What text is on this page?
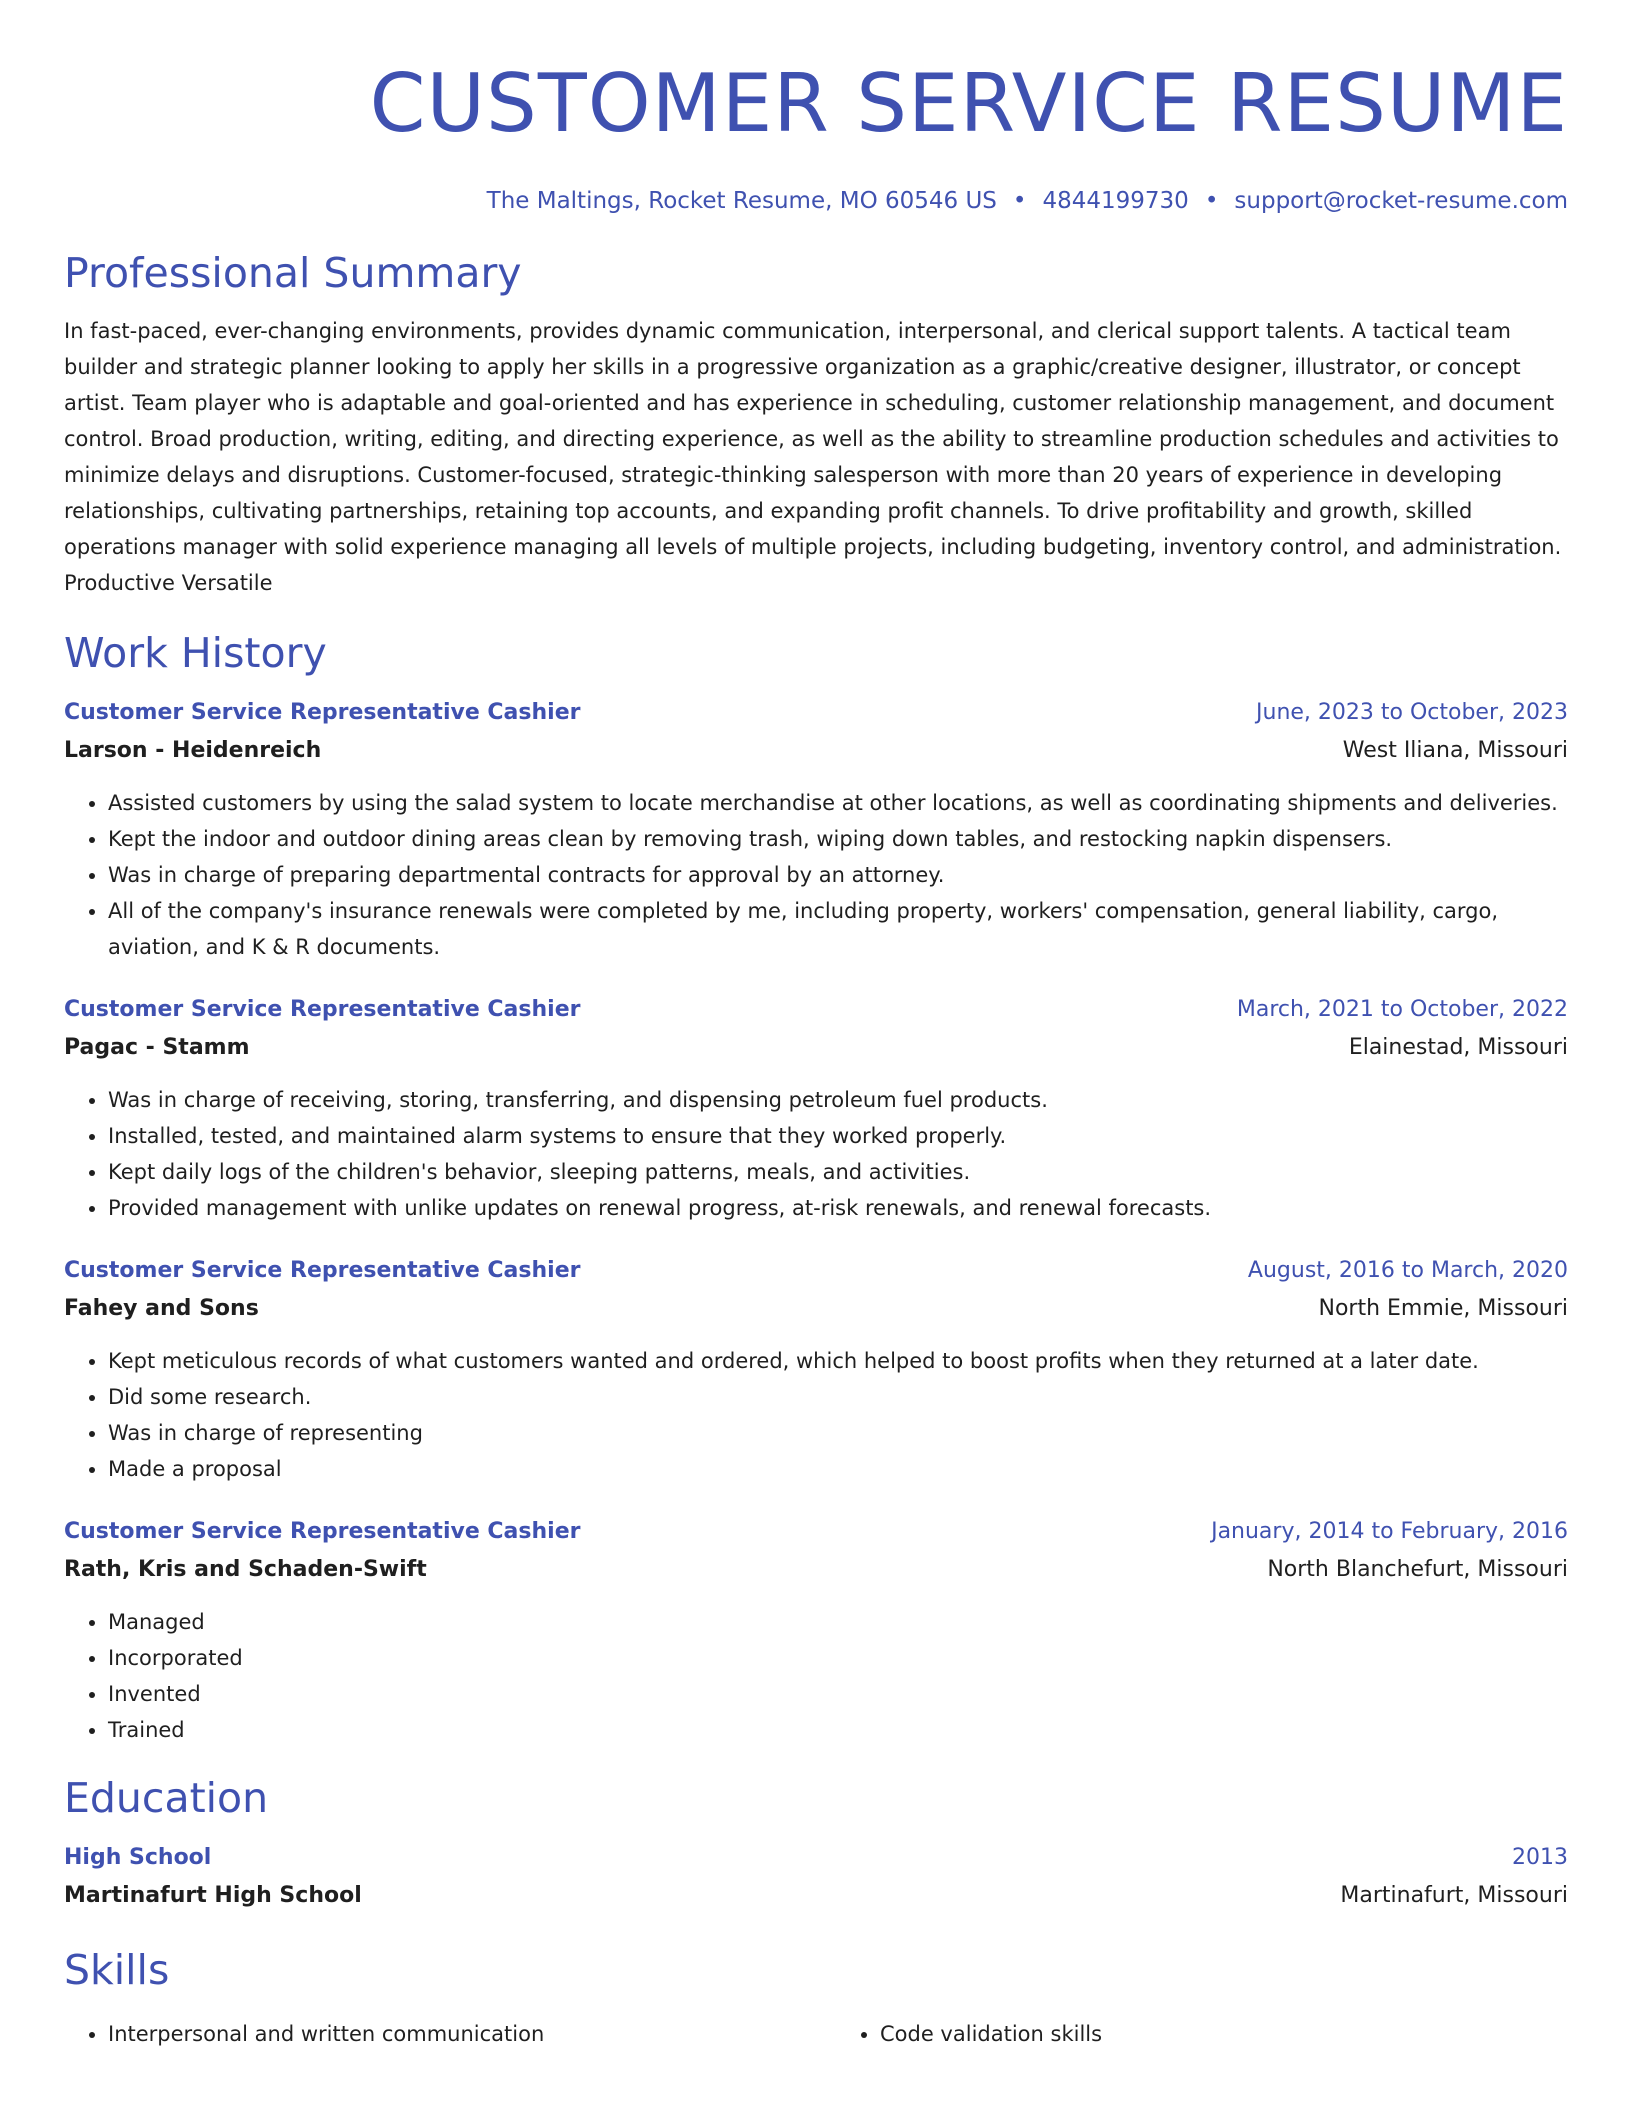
CUSTOMER SERVICE RESUME
The Maltings, Rocket Resume, MO 60546 US • 4844199730 • support@rocket-resume.com
Professional Summary
In fast-paced, ever-changing environments, provides dynamic communication, interpersonal, and clerical support talents. A tactical team builder and strategic planner looking to apply her skills in a progressive organization as a graphic/creative designer, illustrator, or concept artist. Team player who is adaptable and goal-oriented and has experience in scheduling, customer relationship management, and document control. Broad production, writing, editing, and directing experience, as well as the ability to streamline production schedules and activities to minimize delays and disruptions. Customer-focused, strategic-thinking salesperson with more than 20 years of experience in developing relationships, cultivating partnerships, retaining top accounts, and expanding profit channels. To drive profitability and growth, skilled operations manager with solid experience managing all levels of multiple projects, including budgeting, inventory control, and administration. Productive Versatile
Work History
Customer Service Representative Cashier	June, 2023 to October, 2023
Larson - Heidenreich	West Iliana, Missouri
• Assisted customers by using the salad system to locate merchandise at other locations, as well as coordinating shipments and deliveries.
• Kept the indoor and outdoor dining areas clean by removing trash, wiping down tables, and restocking napkin dispensers.
• Was in charge of preparing departmental contracts for approval by an attorney.
• All of the company's insurance renewals were completed by me, including property, workers' compensation, general liability, cargo, aviation, and K & R documents.
Customer Service Representative Cashier	March, 2021 to October, 2022
Pagac - Stamm	Elainestad, Missouri
• Was in charge of receiving, storing, transferring, and dispensing petroleum fuel products.
• Installed, tested, and maintained alarm systems to ensure that they worked properly.
• Kept daily logs of the children's behavior, sleeping patterns, meals, and activities.
• Provided management with unlike updates on renewal progress, at-risk renewals, and renewal forecasts.
Customer Service Representative Cashier	August, 2016 to March, 2020
Fahey and Sons	North Emmie, Missouri
• Kept meticulous records of what customers wanted and ordered, which helped to boost profits when they returned at a later date.
• Did some research.
• Was in charge of representing
• Made a proposal
Customer Service Representative Cashier	January, 2014 to February, 2016
Rath, Kris and Schaden-Swift	North Blanchefurt, Missouri
• Managed
• Incorporated
• Invented
• Trained
Education
High School	2013
Martinafurt High School	Martinafurt, Missouri
Skills
• Interpersonal and written communication
•	Code validation skills
